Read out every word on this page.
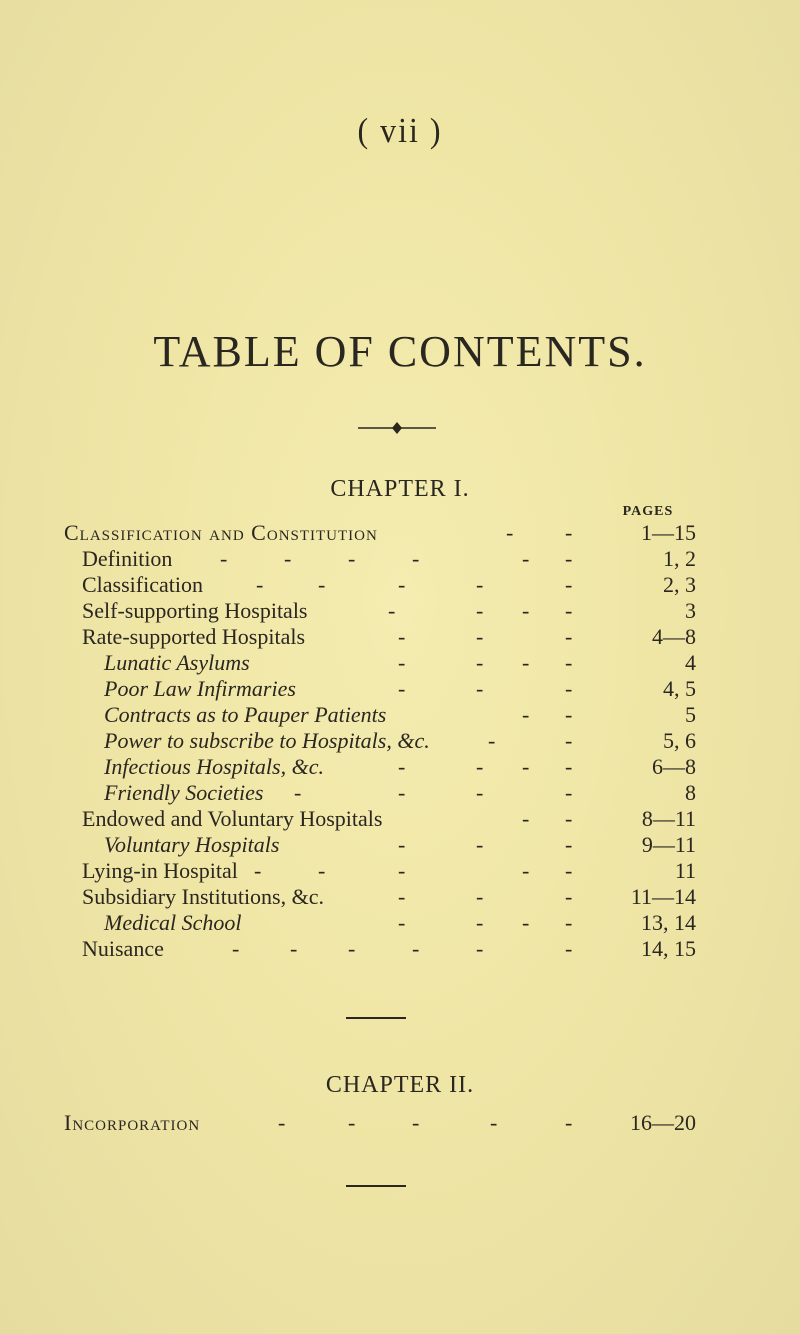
( vii )
TABLE OF CONTENTS.
CHAPTER I.
PAGES
Classification and Constitution	- -	1—15
Definition -	-	-	-	- -	1, 2
Classification - -	-	-	-	2, 3
Self-supporting Hospitals	-	- - -	3
Rate-supported Hospitals	-	-	-	4—8
Lunatic Asylums	-	- - -	4
Poor Law Infirmaries	-	-	-	4, 5
Contracts as to Pauper Patients	- -	5
Power to subscribe to Hospitals, &c.	-	-	5, 6
Infectious Hospitals, &c.	-	- - -	6—8
Friendly Societies -	-	-	-	8
Endowed and Voluntary Hospitals	- -	8—11
Voluntary Hospitals	-	-	-	9—11
Lying-in Hospital -	-	-	- -	11
Subsidiary Institutions, &c.	-	-	-	11—14
Medical School	-	- - -	13, 14
Nuisance	- - -	-	-	-	14, 15
CHAPTER II.
Incorporation	-	-	-	-	-	16—20
